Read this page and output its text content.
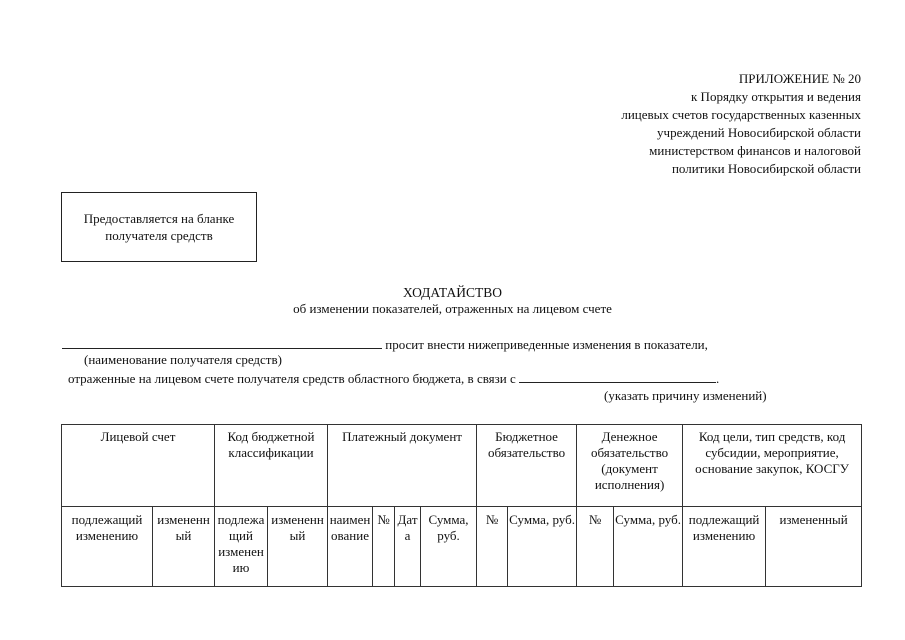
ПРИЛОЖЕНИЕ № 20
к Порядку открытия и ведения
лицевых счетов государственных казенных
учреждений Новосибирской области
министерством финансов и налоговой
политики Новосибирской области
Предоставляется на бланке получателя средств
ХОДАТАЙСТВО
об изменении показателей, отраженных на лицевом счете
просит внести нижеприведенные изменения в показатели,
(наименование получателя средств)
отраженные на лицевом счете получателя средств областного бюджета, в связи с	.
(указать причину изменений)
Лицевой счет		Код бюджетной классификации		Платежный документ				Бюджетное обязательство		Денежное обязательство (документ исполнения)		Код цели, тип средств, код субсидии, мероприятие, основание закупок, КОСГУ	
подлежащий изменению	измененный	подлежащий изменению	измененный	наименование	№	Дата	Сумма, руб.	№	Сумма, руб.	№	Сумма, руб.	подлежащий изменению	измененный
